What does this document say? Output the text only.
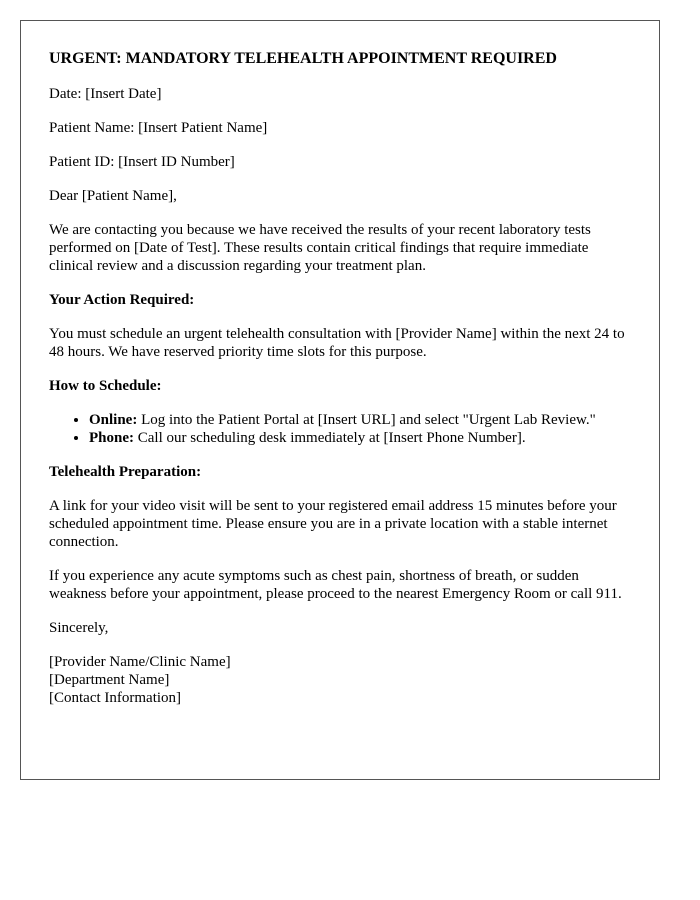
URGENT: MANDATORY TELEHEALTH APPOINTMENT REQUIRED

Date: [Insert Date]

Patient Name: [Insert Patient Name]

Patient ID: [Insert ID Number]

Dear [Patient Name],

We are contacting you because we have received the results of your recent laboratory tests performed on [Date of Test]. These results contain critical findings that require immediate clinical review and a discussion regarding your treatment plan.

Your Action Required:

You must schedule an urgent telehealth consultation with [Provider Name] within the next 24 to 48 hours. We have reserved priority time slots for this purpose.

How to Schedule:

• Online: Log into the Patient Portal at [Insert URL] and select "Urgent Lab Review."
• Phone: Call our scheduling desk immediately at [Insert Phone Number].

Telehealth Preparation:

A link for your video visit will be sent to your registered email address 15 minutes before your scheduled appointment time. Please ensure you are in a private location with a stable internet connection.

If you experience any acute symptoms such as chest pain, shortness of breath, or sudden weakness before your appointment, please proceed to the nearest Emergency Room or call 911.

Sincerely,

[Provider Name/Clinic Name]

[Department Name]

[Contact Information]
